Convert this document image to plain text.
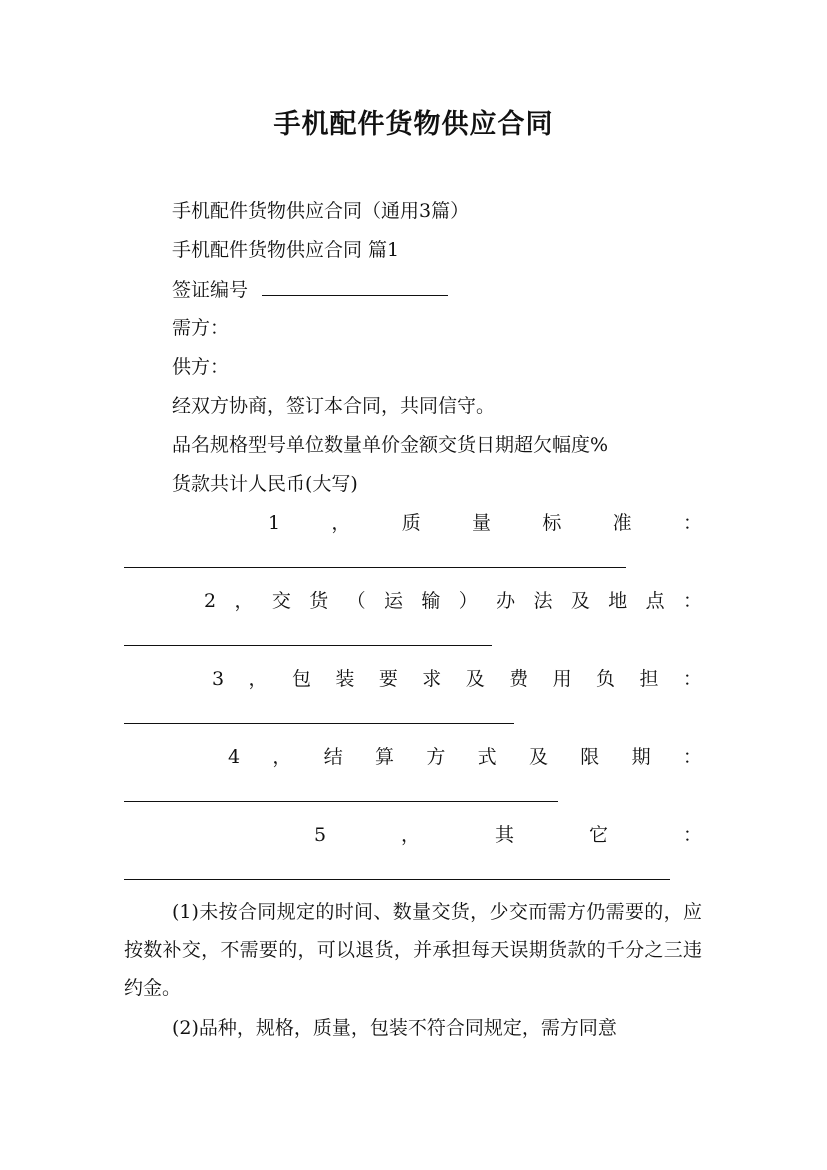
手机配件货物供应合同
手机配件货物供应合同（通用3篇）
手机配件货物供应合同 篇1
签证编号
需方：
供方：
经双方协商，签订本合同，共同信守。
品名规格型号单位数量单价金额交货日期超欠幅度%
货款共计人民币(大写)
1	，	质	量	标	准	：
2 ， 交 货 （ 运 输 ） 办 法 及 地 点 ：
3 ， 包 装 要 求 及 费 用 负 担 ：
4 ， 结 算 方 式 及 限 期 ：
5	，	其	它	：
(1)未按合同规定的时间、数量交货，少交而需方仍需要的，应按数补交，不需要的，可以退货，并承担每天误期货款的千分之三违约金。
(2)品种，规格，质量，包装不符合同规定，需方同意
